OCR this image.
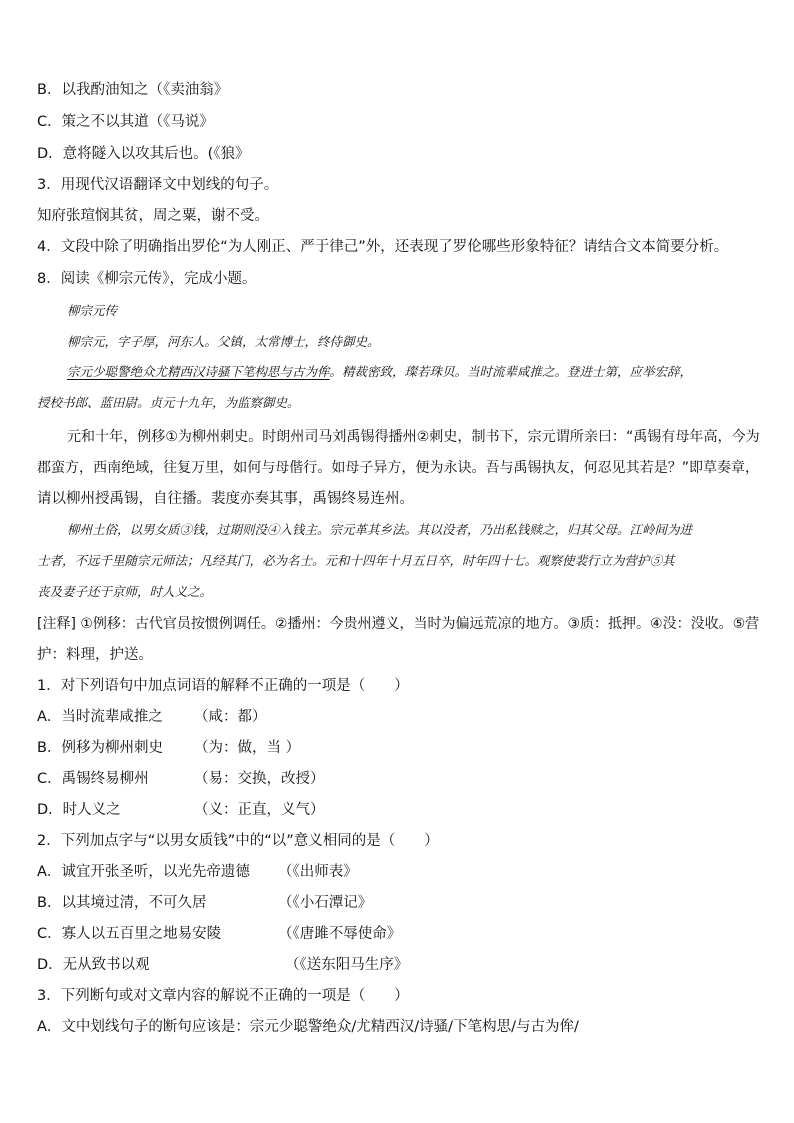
B．以我酌油知之（《卖油翁》
C．策之不以其道（《马说》
D．意将隧入以攻其后也。(《狼》
3．用现代汉语翻译文中划线的句子。
知府张瑄悯其贫，周之粟，谢不受。
4．文段中除了明确指出罗伦“为人刚正、严于律己”外，还表现了罗伦哪些形象特征？请结合文本简要分析。
8．阅读《柳宗元传》，完成小题。
柳宗元传
柳宗元，字子厚，河东人。父镇，太常博士，终侍御史。
宗元少聪警绝众尤精西汉诗骚下笔构思与古为侔。精裁密致，璨若珠贝。当时流辈咸推之。登进士第，应举宏辞，
授校书郎、蓝田尉。贞元十九年，为监察御史。
元和十年，例移①为柳州刺史。时朗州司马刘禹锡得播州②刺史，制书下，宗元谓所亲曰：“禹锡有母年高，今为
郡蛮方，西南绝域，往复万里，如何与母偕行。如母子异方，便为永诀。吾与禹锡执友，何忍见其若是？”即草奏章，
请以柳州授禹锡，自往播。裴度亦奏其事，禹锡终易连州。
柳州土俗，以男女质③钱，过期则没④入钱主。宗元革其乡法。其以没者，乃出私钱赎之，归其父母。江岭间为进
士者，不远千里随宗元师法；凡经其门，必为名士。元和十四年十月五日卒，时年四十七。观察使裴行立为营护⑤其
丧及妻子还于京师，时人义之。
[注释] ①例移：古代官员按惯例调任。②播州：今贵州遵义，当时为偏远荒凉的地方。③质：抵押。④没：没收。⑤营
护：料理，护送。
1．对下列语句中加点词语的解释不正确的一项是（　　）
A．当时流辈咸推之 （咸：都）
B．例移为柳州刺史 （为：做，当 ）
C．禹锡终易柳州	（易：交换，改授）
D．时人义之	（义：正直，义气）
2．下列加点字与“以男女质钱”中的“以”意义相同的是（　　）
A．诚宜开张圣听，以光先帝遗德 （《出师表》
B．以其境过清，不可久居	（《小石潭记》
C．寡人以五百里之地易安陵	（《唐雎不辱使命》
D．无从致书以观	（《送东阳马生序》
3．下列断句或对文章内容的解说不正确的一项是（　　）
A．文中划线句子的断句应该是：宗元少聪警绝众/尤精西汉/诗骚/下笔构思/与古为侔/
